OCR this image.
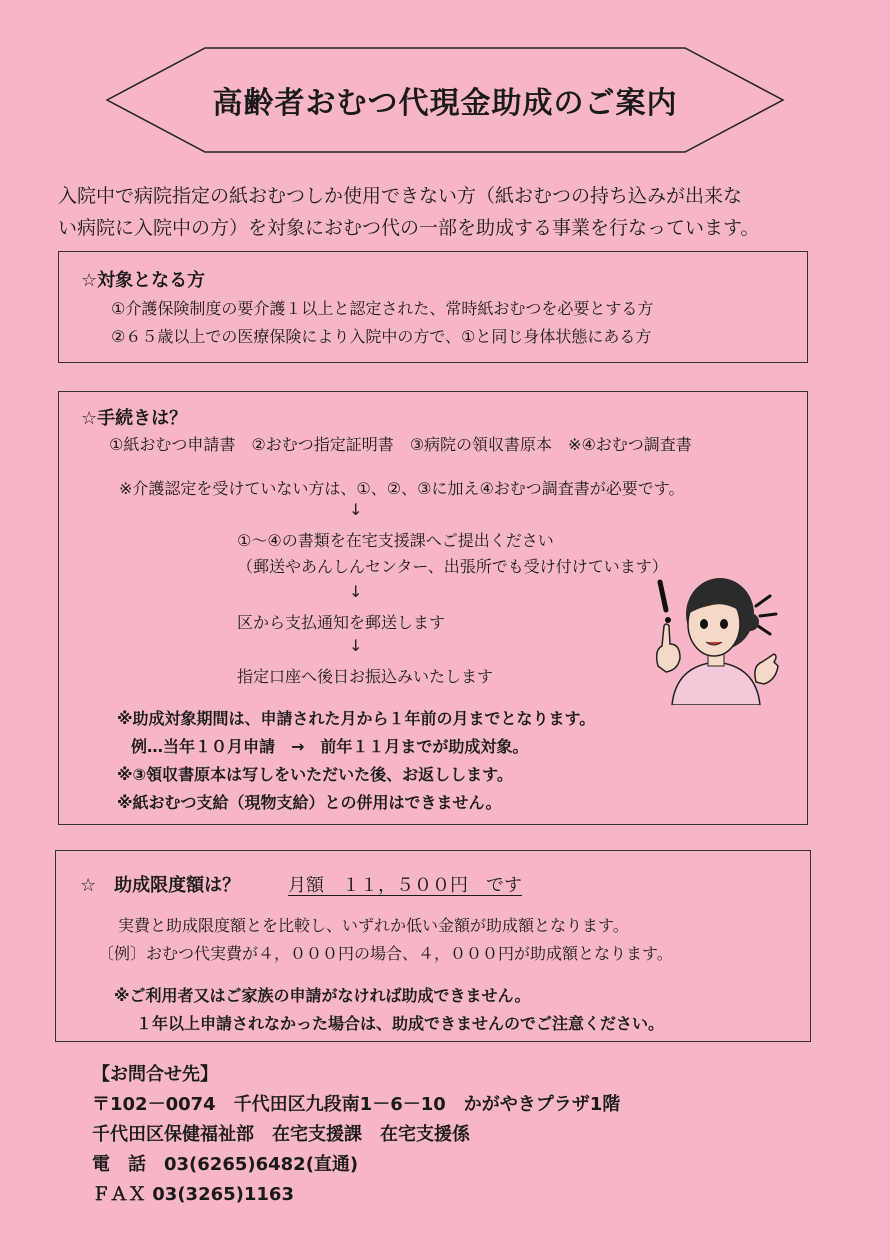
高齢者おむつ代現金助成のご案内
入院中で病院指定の紙おむつしか使用できない方（紙おむつの持ち込みが出来な
い病院に入院中の方）を対象におむつ代の一部を助成する事業を行なっています。
☆対象となる方
①介護保険制度の要介護１以上と認定された、常時紙おむつを必要とする方
②６５歳以上での医療保険により入院中の方で、①と同じ身体状態にある方
☆手続きは？
①紙おむつ申請書　②おむつ指定証明書　③病院の領収書原本　※④おむつ調査書
※介護認定を受けていない方は、①、②、③に加え④おむつ調査書が必要です。
↓
①～④の書類を在宅支援課へご提出ください
（郵送やあんしんセンター、出張所でも受け付けています）
↓
区から支払通知を郵送します
↓
指定口座へ後日お振込みいたします
※助成対象期間は、申請された月から１年前の月までとなります。
例…当年１０月申請　→　前年１１月までが助成対象。
※③領収書原本は写しをいただいた後、お返しします。
※紙おむつ支給（現物支給）との併用はできません。
☆　助成限度額は？	月額　１１，５００円　です
実費と助成限度額とを比較し、いずれか低い金額が助成額となります。
〔例〕おむつ代実費が４，０００円の場合、４，０００円が助成額となります。
※ご利用者又はご家族の申請がなければ助成できません。
１年以上申請されなかった場合は、助成できませんのでご注意ください。
【お問合せ先】
〒102－0074　千代田区九段南1－6－10　かがやきプラザ1階
千代田区保健福祉部　在宅支援課　在宅支援係
電　話　03(6265)6482(直通)
ＦＡＸ 03(3265)1163
